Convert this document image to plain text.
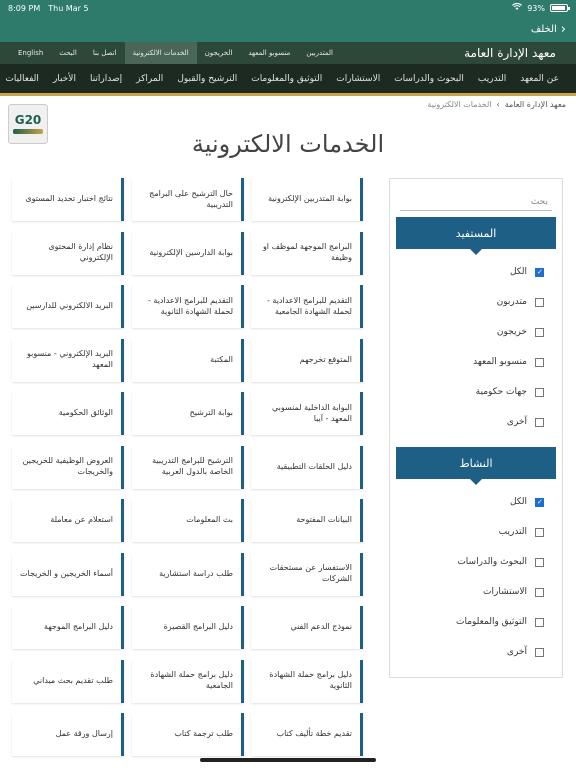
8:09 PM Thu Mar 5	93%
الخلف ›
معهد الإدارة العامة
المتدربين
منسوبو المعهد
الخريجون
الخدمات الالكترونية
اتصل بنا
البحث
English
عن المعهد
التدريب
البحوث والدراسات
الاستشارات
التوثيق والمعلومات
الترشيح والقبول
المراكز
إصداراتنا
الأخبار
الفعاليات
معهد الإدارة العامة
›
الخدمات الالكترونية
G20
الخدمات الالكترونية
بحث
المستفيد
الكل
✓
متدربون
خريجون
منسوبو المعهد
جهات حكومية
آخرى
النشاط
الكل
✓
التدريب
البحوث والدراسات
الاستشارات
التوثيق والمعلومات
آخرى
بوابة المتدربين الإلكترونية
حال الترشيح على البرامج التدريبية
نتائج اختبار تحديد المستوى
البرامج الموجهة لموظف او وظيفة
بوابة الدارسين الإلكترونية
نظام إدارة المحتوى الإلكتروني
التقديم للبرامج الاعدادية - لحملة الشهادة الجامعية
التقديم للبرامج الاعدادية - لحملة الشهادة الثانوية
البريد الالكتروني للدارسين
المتوقع تخرجهم
المكتبة
البريد الإلكتروني - منسوبو المعهد
البوابة الداخلية لمنسوبي المعهد - آيبا
بوابة الترشيح
الوثائق الحكومية
دليل الحلقات التطبيقية
الترشيح للبرامج التدريبية الخاصة بالدول العربية
العروض الوظيفية للخريجين والخريجات
البيانات المفتوحة
بث المعلومات
استعلام عن معاملة
الاستفسار عن مستحقات الشركات
طلب دراسة استشارية
أسماء الخريجين و الخريجات
نموذج الدعم الفني
دليل البرامج القصيرة
دليل البرامج الموجهة
دليل برامج حملة الشهادة الثانوية
دليل برامج حملة الشهادة الجامعية
طلب تقديم بحث ميداني
تقديم خطة تأليف كتاب
طلب ترجمة كتاب
إرسال ورقة عمل
